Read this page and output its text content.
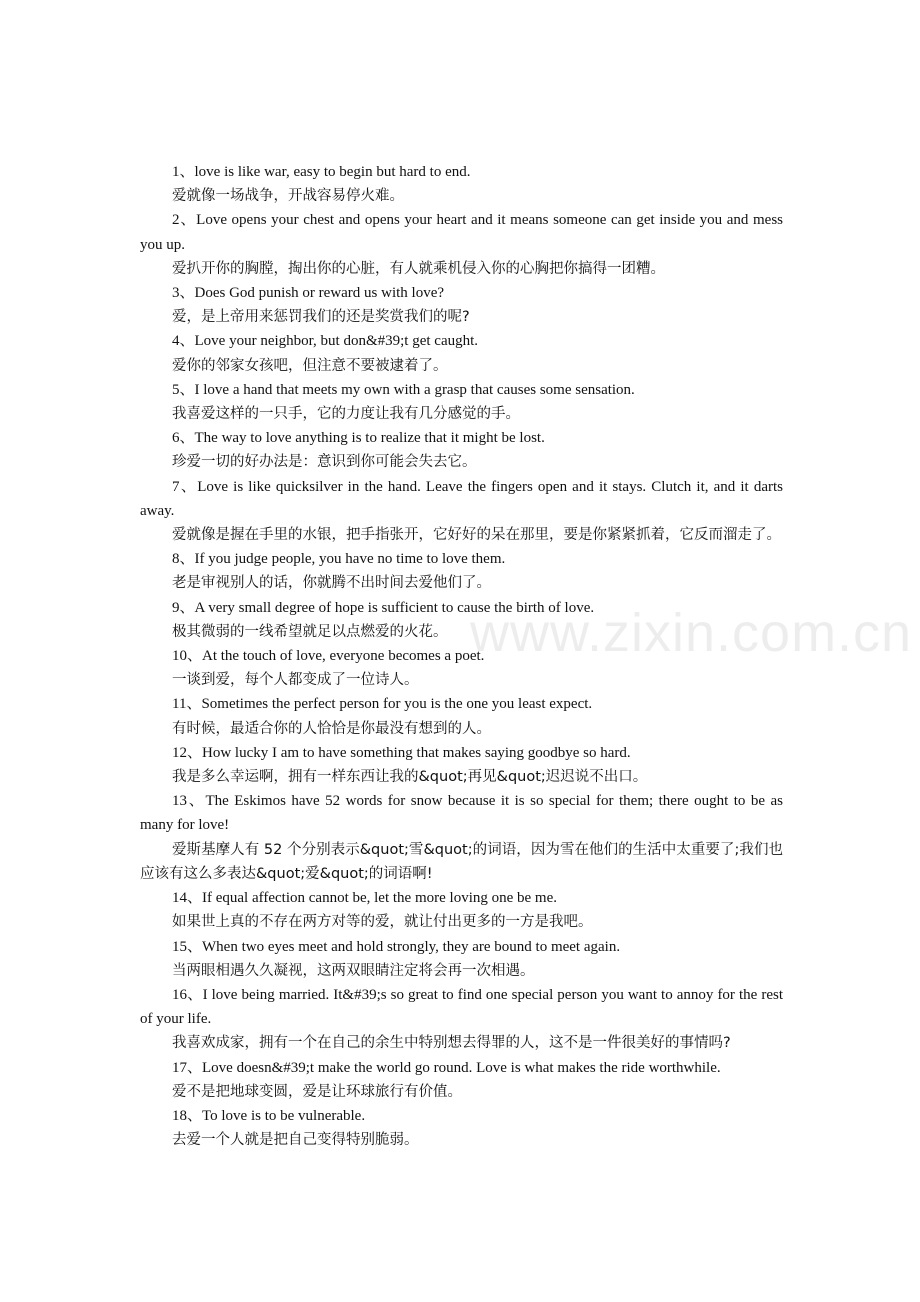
www.zixin.com.cn

1、love is like war, easy to begin but hard to end.

爱就像一场战争，开战容易停火难。

2、Love opens your chest and opens your heart and it means someone can get inside you and mess you up.

爱扒开你的胸膛，掏出你的心脏，有人就乘机侵入你的心胸把你搞得一团糟。

3、Does God punish or reward us with love?

爱，是上帝用来惩罚我们的还是奖赏我们的呢?

4、Love your neighbor, but don&#39;t get caught.

爱你的邻家女孩吧，但注意不要被逮着了。

5、I love a hand that meets my own with a grasp that causes some sensation.

我喜爱这样的一只手，它的力度让我有几分感觉的手。

6、The way to love anything is to realize that it might be lost.

珍爱一切的好办法是：意识到你可能会失去它。

7、Love is like quicksilver in the hand. Leave the fingers open and it stays. Clutch it, and it darts away.

爱就像是握在手里的水银，把手指张开，它好好的呆在那里，要是你紧紧抓着，它反而溜走了。

8、If you judge people, you have no time to love them.

老是审视别人的话，你就腾不出时间去爱他们了。

9、A very small degree of hope is sufficient to cause the birth of love.

极其微弱的一线希望就足以点燃爱的火花。

10、At the touch of love, everyone becomes a poet.

一谈到爱，每个人都变成了一位诗人。

11、Sometimes the perfect person for you is the one you least expect.

有时候，最适合你的人恰恰是你最没有想到的人。

12、How lucky I am to have something that makes saying goodbye so hard.

我是多么幸运啊，拥有一样东西让我的&quot;再见&quot;迟迟说不出口。

13、The Eskimos have 52 words for snow because it is so special for them; there ought to be as many for love!

爱斯基摩人有 52 个分别表示&quot;雪&quot;的词语，因为雪在他们的生活中太重要了;我们也应该有这么多表达&quot;爱&quot;的词语啊!

14、If equal affection cannot be, let the more loving one be me.

如果世上真的不存在两方对等的爱，就让付出更多的一方是我吧。

15、When two eyes meet and hold strongly, they are bound to meet again.

当两眼相遇久久凝视，这两双眼睛注定将会再一次相遇。

16、I love being married. It&#39;s so great to find one special person you want to annoy for the rest of your life.

我喜欢成家，拥有一个在自己的余生中特别想去得罪的人，这不是一件很美好的事情吗?

17、Love doesn&#39;t make the world go round. Love is what makes the ride worthwhile.

爱不是把地球变圆，爱是让环球旅行有价值。

18、To love is to be vulnerable.

去爱一个人就是把自己变得特别脆弱。
